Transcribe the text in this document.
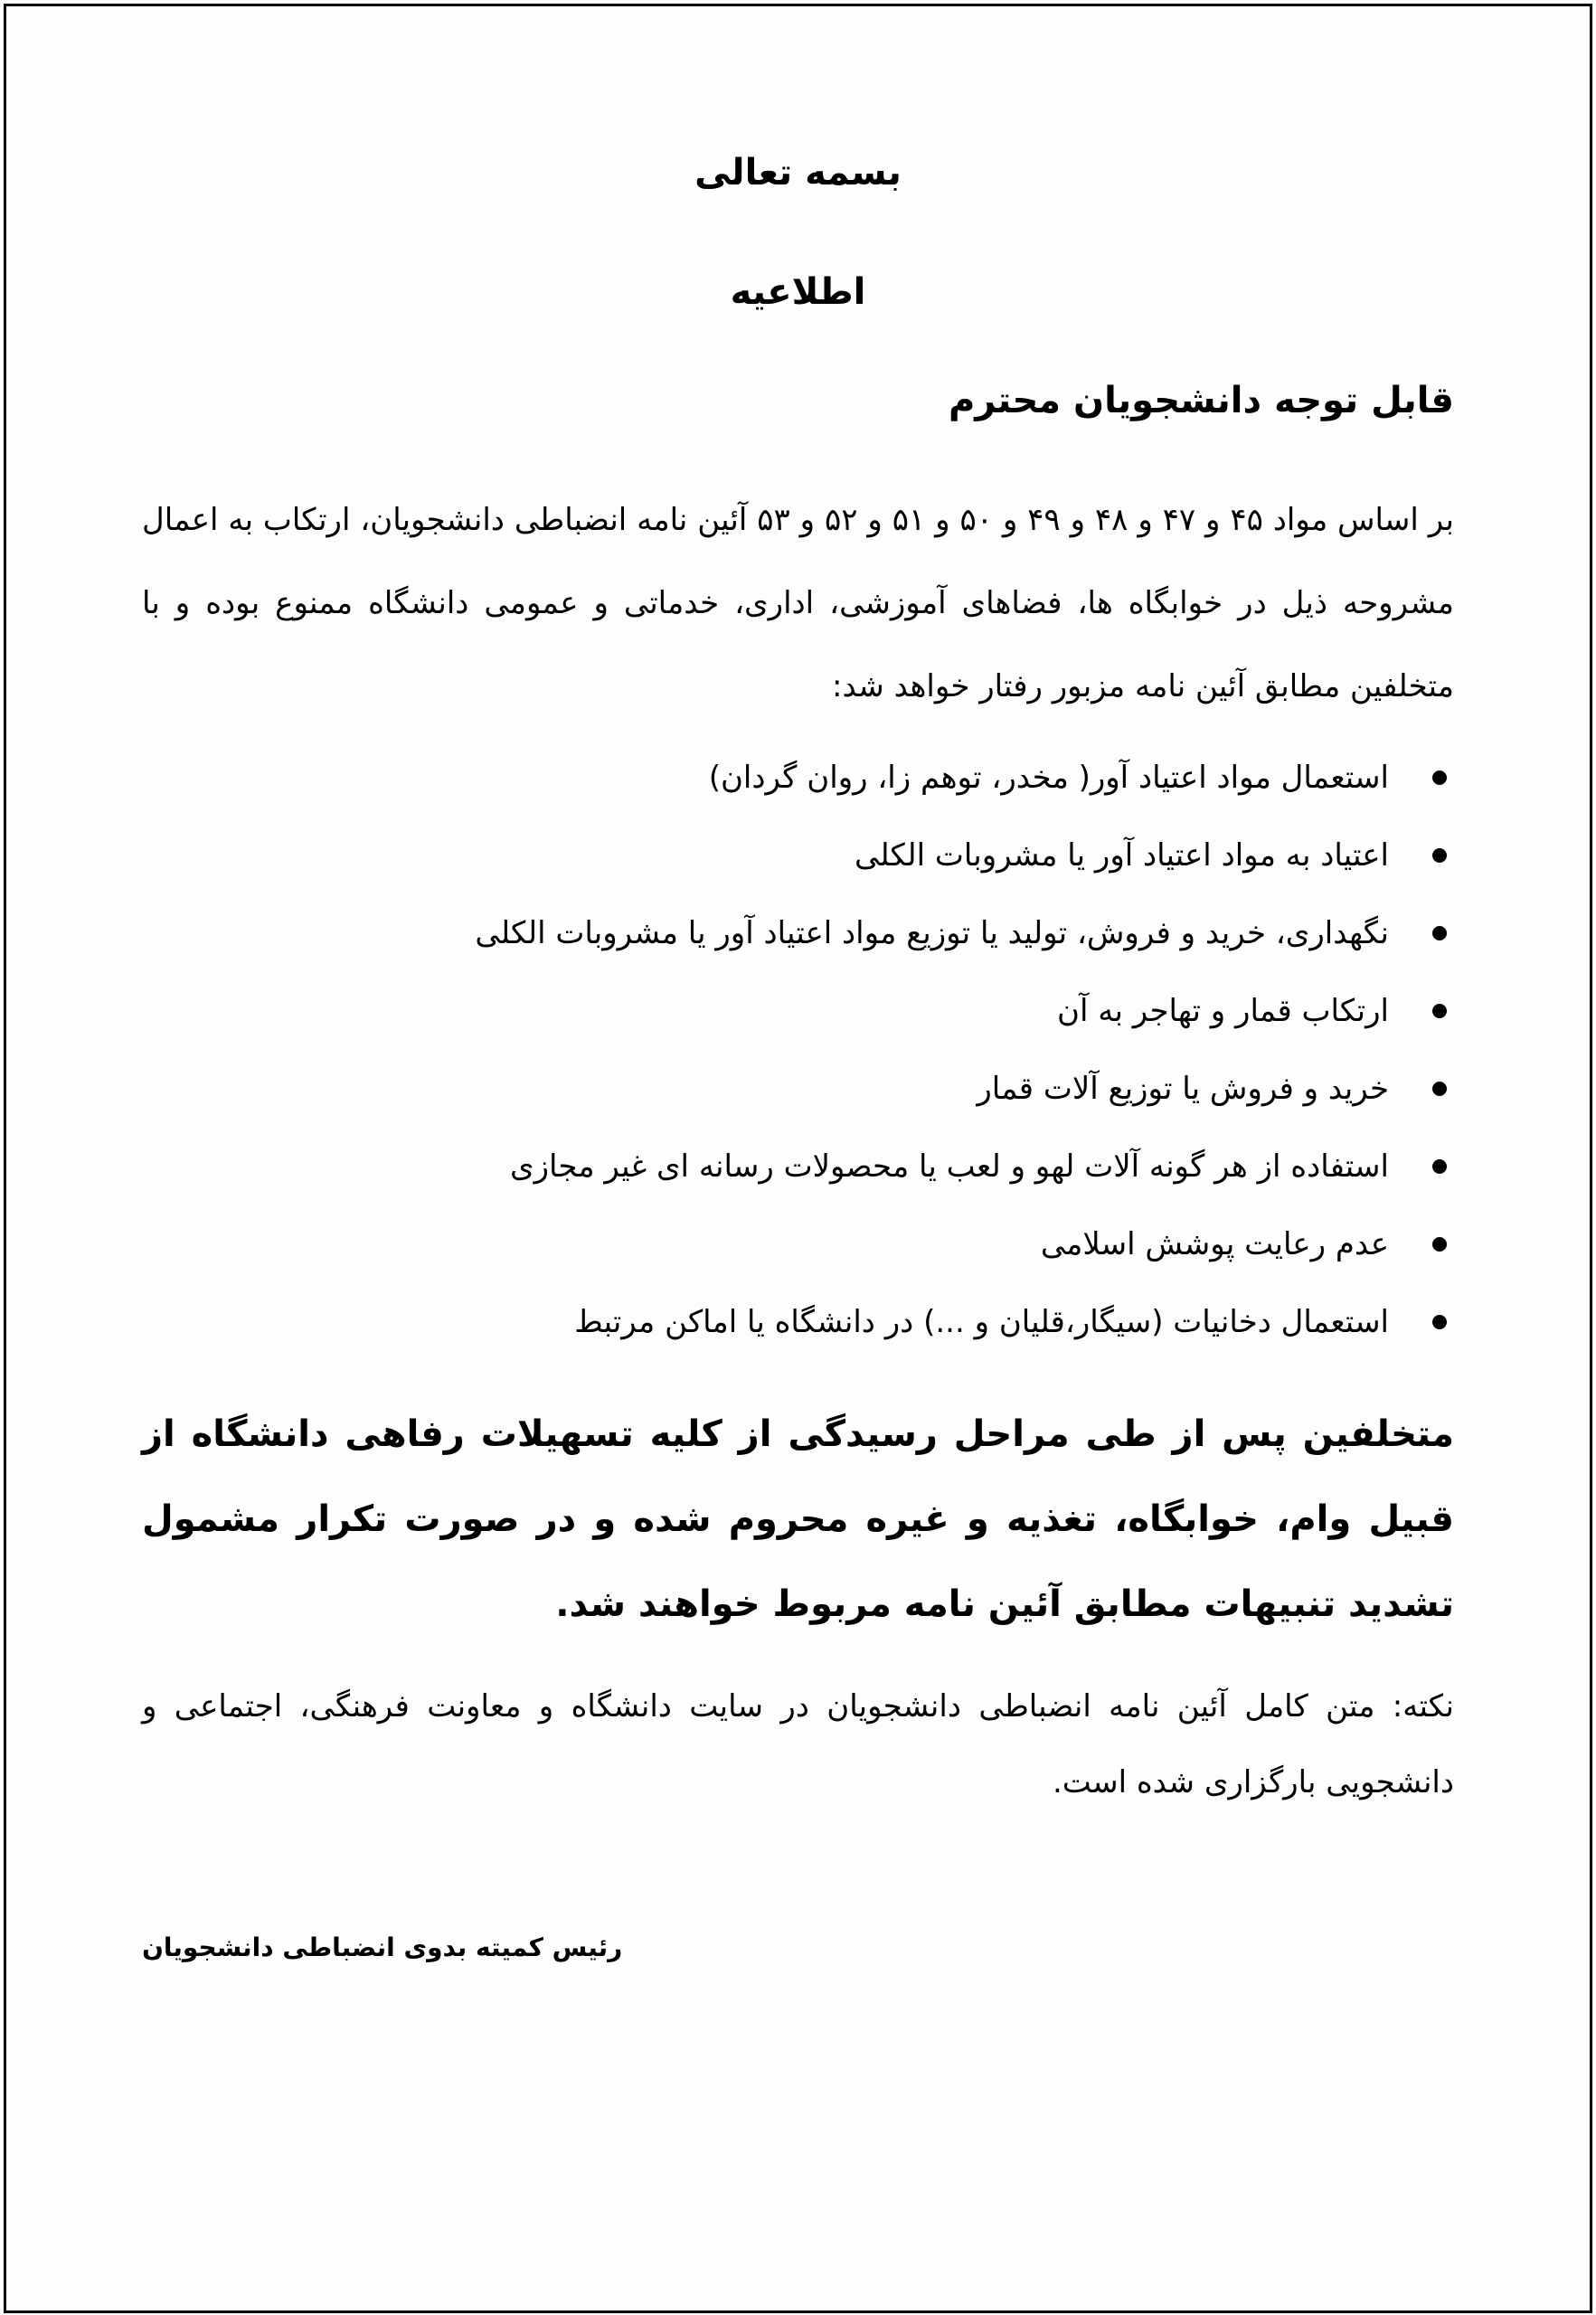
بسمه تعالی
اطلاعیه
قابل توجه دانشجویان محترم
بر اساس مواد ۴۵ و ۴۷ و ۴۸ و ۴۹ و ۵۰ و ۵۱ و ۵۲ و ۵۳ آئین نامه انضباطی دانشجویان، ارتکاب به اعمال مشروحه ذیل در خوابگاه ها، فضاهای آموزشی، اداری، خدماتی و عمومی دانشگاه ممنوع بوده و با متخلفین مطابق آئین نامه مزبور رفتار خواهد شد:
استعمال مواد اعتیاد آور( مخدر، توهم زا، روان گردان)
اعتیاد به مواد اعتیاد آور یا مشروبات الکلی
نگهداری، خرید و فروش، تولید یا توزیع مواد اعتیاد آور یا مشروبات الکلی
ارتکاب قمار و تهاجر به آن
خرید و فروش یا توزیع آلات قمار
استفاده از هر گونه آلات لهو و لعب یا محصولات رسانه ای غیر مجازی
عدم رعایت پوشش اسلامی
استعمال دخانیات (سیگار،قلیان و ...) در دانشگاه یا اماکن مرتبط
متخلفین پس از طی مراحل رسیدگی از کلیه تسهیلات رفاهی دانشگاه از قبیل وام، خوابگاه، تغذیه و غیره محروم شده و در صورت تکرار مشمول تشدید تنبیهات مطابق آئین نامه مربوط خواهند شد.
نکته: متن کامل آئین نامه انضباطی دانشجویان در سایت دانشگاه و معاونت فرهنگی، اجتماعی و دانشجویی بارگزاری شده است.
رئیس کمیته بدوی انضباطی دانشجویان
